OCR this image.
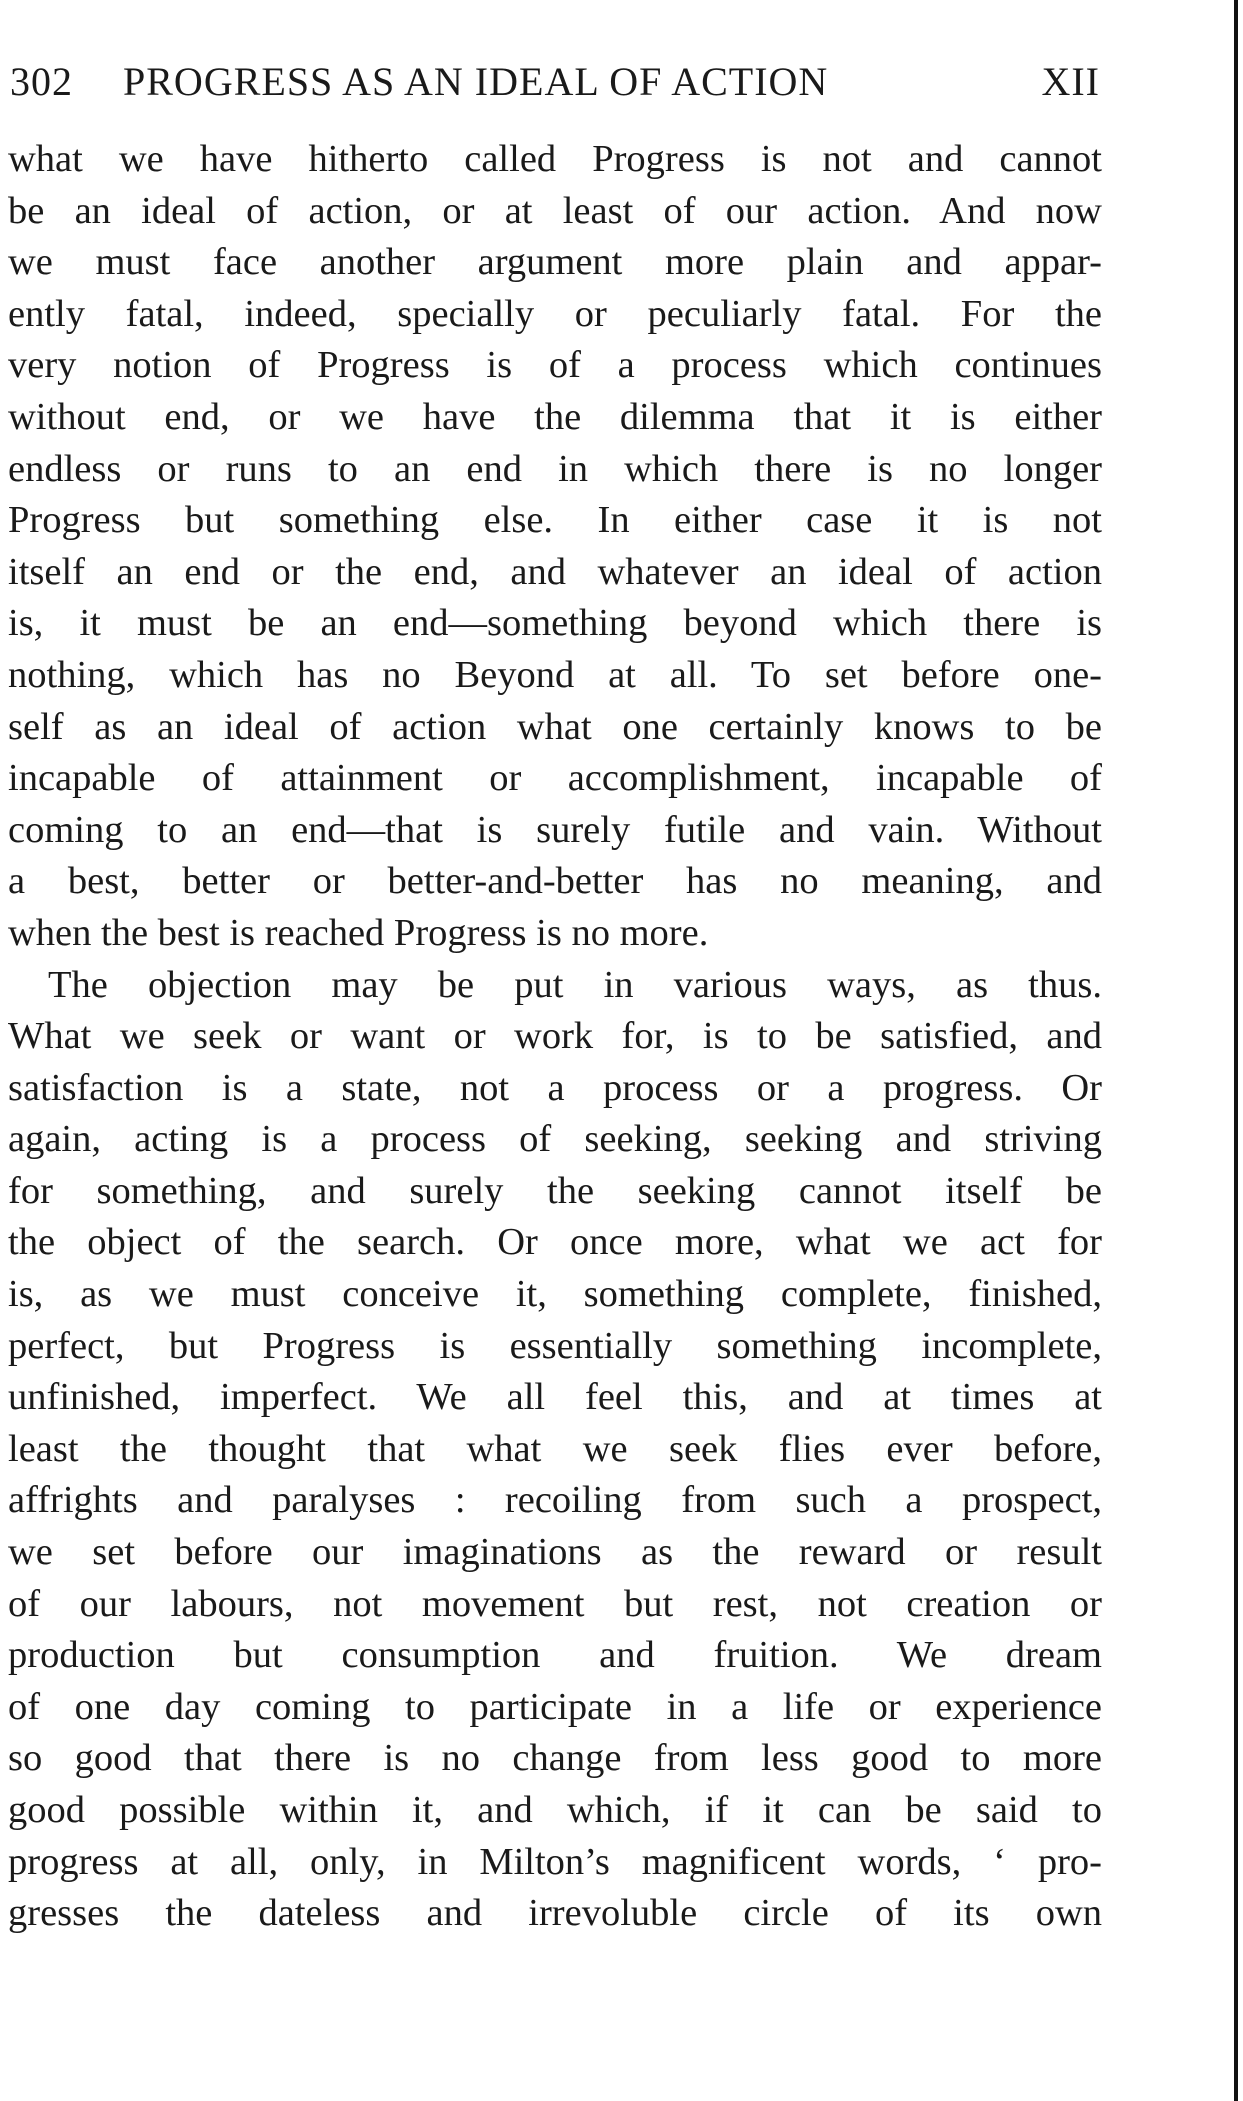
302 PROGRESS AS AN IDEAL OF ACTION	XII
what we have hitherto called Progress is not and cannot
be an ideal of action, or at least of our action. And now
we must face another argument more plain and appar-
ently fatal, indeed, specially or peculiarly fatal. For the
very notion of Progress is of a process which continues
without end, or we have the dilemma that it is either
endless or runs to an end in which there is no longer
Progress but something else. In either case it is not
itself an end or the end, and whatever an ideal of action
is, it must be an end—something beyond which there is
nothing, which has no Beyond at all. To set before one-
self as an ideal of action what one certainly knows to be
incapable of attainment or accomplishment, incapable of
coming to an end—that is surely futile and vain. Without
a best, better or better-and-better has no meaning, and
when the best is reached Progress is no more.
The objection may be put in various ways, as thus.
What we seek or want or work for, is to be satisfied, and
satisfaction is a state, not a process or a progress. Or
again, acting is a process of seeking, seeking and striving
for something, and surely the seeking cannot itself be
the object of the search. Or once more, what we act for
is, as we must conceive it, something complete, finished,
perfect, but Progress is essentially something incomplete,
unfinished, imperfect. We all feel this, and at times at
least the thought that what we seek flies ever before,
affrights and paralyses : recoiling from such a prospect,
we set before our imaginations as the reward or result
of our labours, not movement but rest, not creation or
production but consumption and fruition. We dream
of one day coming to participate in a life or experience
so good that there is no change from less good to more
good possible within it, and which, if it can be said to
progress at all, only, in Milton’s magnificent words, ‘ pro-
gresses the dateless and irrevoluble circle of its own
